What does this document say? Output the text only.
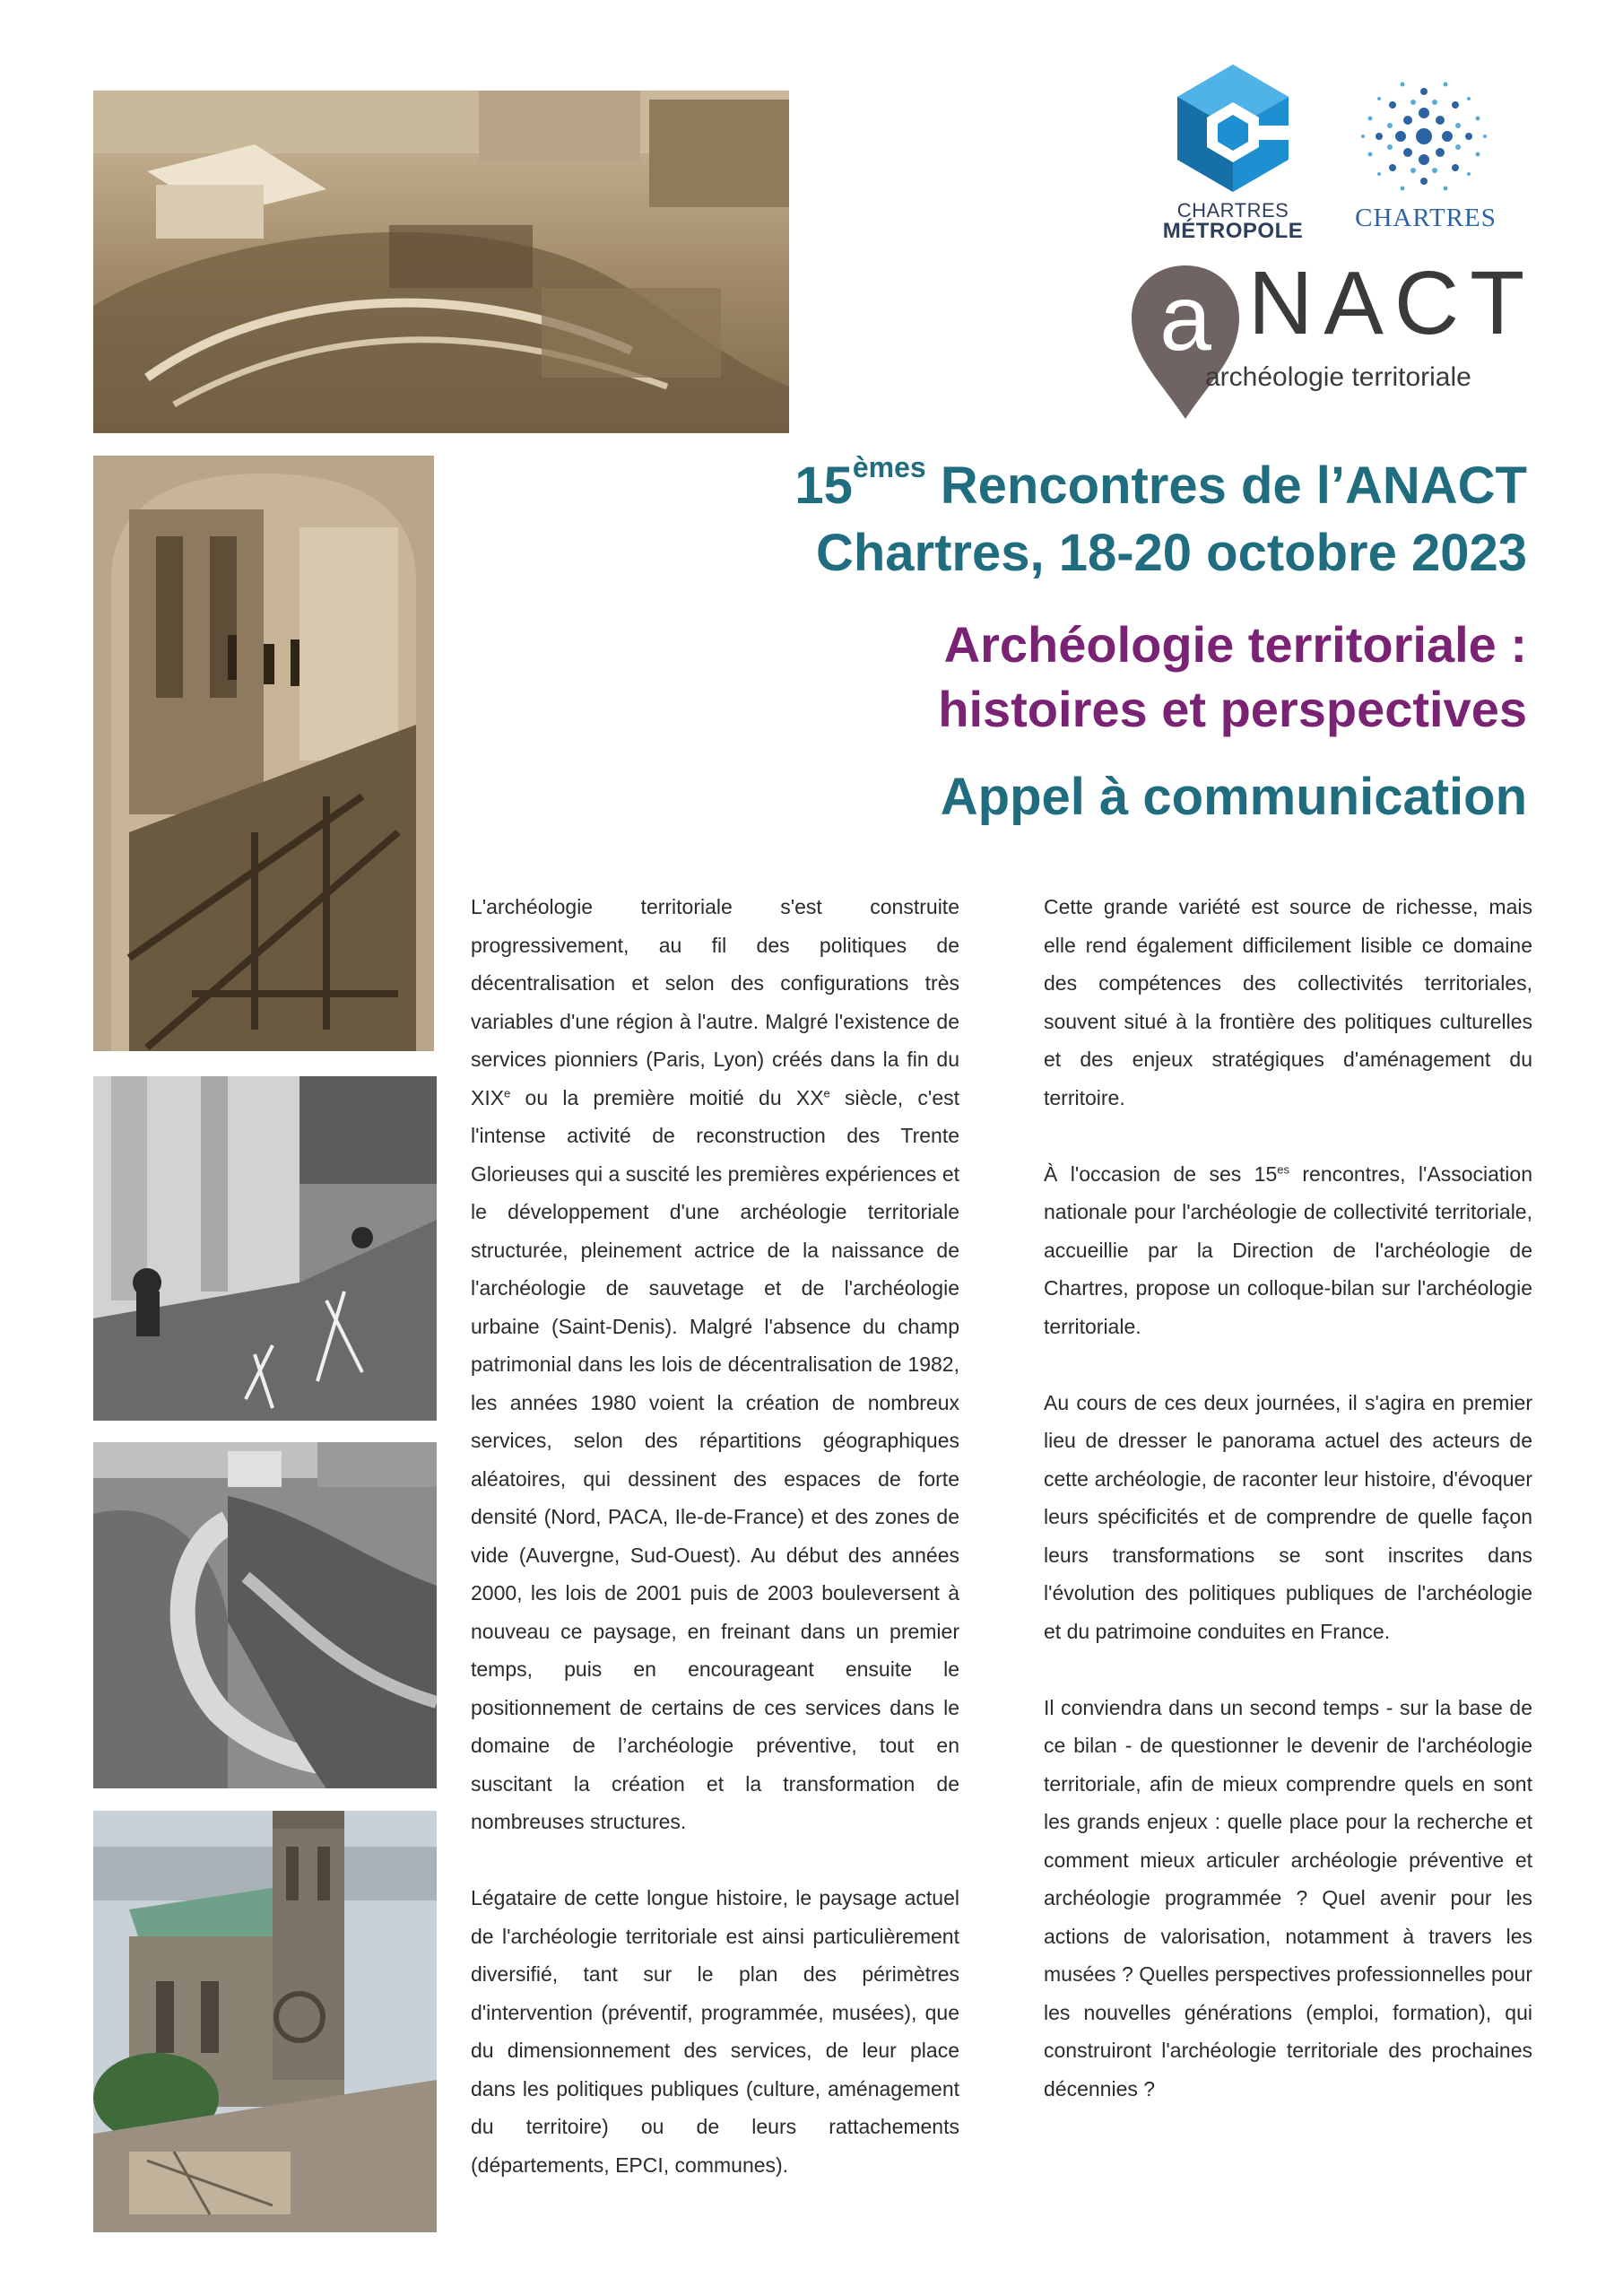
CHARTRES
MÉTROPOLE	CHARTRES
a NACT
archéologie territoriale
15èmes Rencontres de l’ANACT
Chartres, 18-20 octobre 2023
Archéologie territoriale :
histoires et perspectives
Appel à communication

L'archéologie territoriale s'est construite progressivement, au fil des politiques de décentralisation et selon des configurations très variables d'une région à l'autre. Malgré l'existence de services pionniers (Paris, Lyon) créés dans la fin du XIXe ou la première moitié du XXe siècle, c'est l'intense activité de reconstruction des Trente Glorieuses qui a suscité les premières expériences et le développement d'une archéologie territoriale structurée, pleinement actrice de la naissance de l'archéologie de sauvetage et de l'archéologie urbaine (Saint-Denis). Malgré l'absence du champ patrimonial dans les lois de décentralisation de 1982, les années 1980 voient la création de nombreux services, selon des répartitions géographiques aléatoires, qui dessinent des espaces de forte densité (Nord, PACA, Ile-de-France) et des zones de vide (Auvergne, Sud-Ouest). Au début des années 2000, les lois de 2001 puis de 2003 bouleversent à nouveau ce paysage, en freinant dans un premier temps, puis en encourageant ensuite le positionnement de certains de ces services dans le domaine de l’archéologie préventive, tout en suscitant la création et la transformation de nombreuses structures.

Légataire de cette longue histoire, le paysage actuel de l'archéologie territoriale est ainsi particulièrement diversifié, tant sur le plan des périmètres d'intervention (préventif, programmée, musées), que du dimensionnement des services, de leur place dans les politiques publiques (culture, aménagement du territoire) ou de leurs rattachements (départements, EPCI, communes).

Cette grande variété est source de richesse, mais elle rend également difficilement lisible ce domaine des compétences des collectivités territoriales, souvent situé à la frontière des politiques culturelles et des enjeux stratégiques d'aménagement du territoire.

À l'occasion de ses $15^{es}$ rencontres, l'Association nationale pour l'archéologie de collectivité territoriale, accueillie par la Direction de l'archéologie de Chartres, propose un colloque-bilan sur l'archéologie territoriale.

Au cours de ces deux journées, il s'agira en premier lieu de dresser le panorama actuel des acteurs de cette archéologie, de raconter leur histoire, d'évoquer leurs spécificités et de comprendre de quelle façon leurs transformations se sont inscrites dans l'évolution des politiques publiques de l'archéologie et du patrimoine conduites en France.

Il conviendra dans un second temps - sur la base de ce bilan - de questionner le devenir de l'archéologie territoriale, afin de mieux comprendre quels en sont les grands enjeux : quelle place pour la recherche et comment mieux articuler archéologie préventive et archéologie programmée ? Quel avenir pour les actions de valorisation, notamment à travers les musées ? Quelles perspectives professionnelles pour les nouvelles générations (emploi, formation), qui construiront l'archéologie territoriale des prochaines décennies ?
